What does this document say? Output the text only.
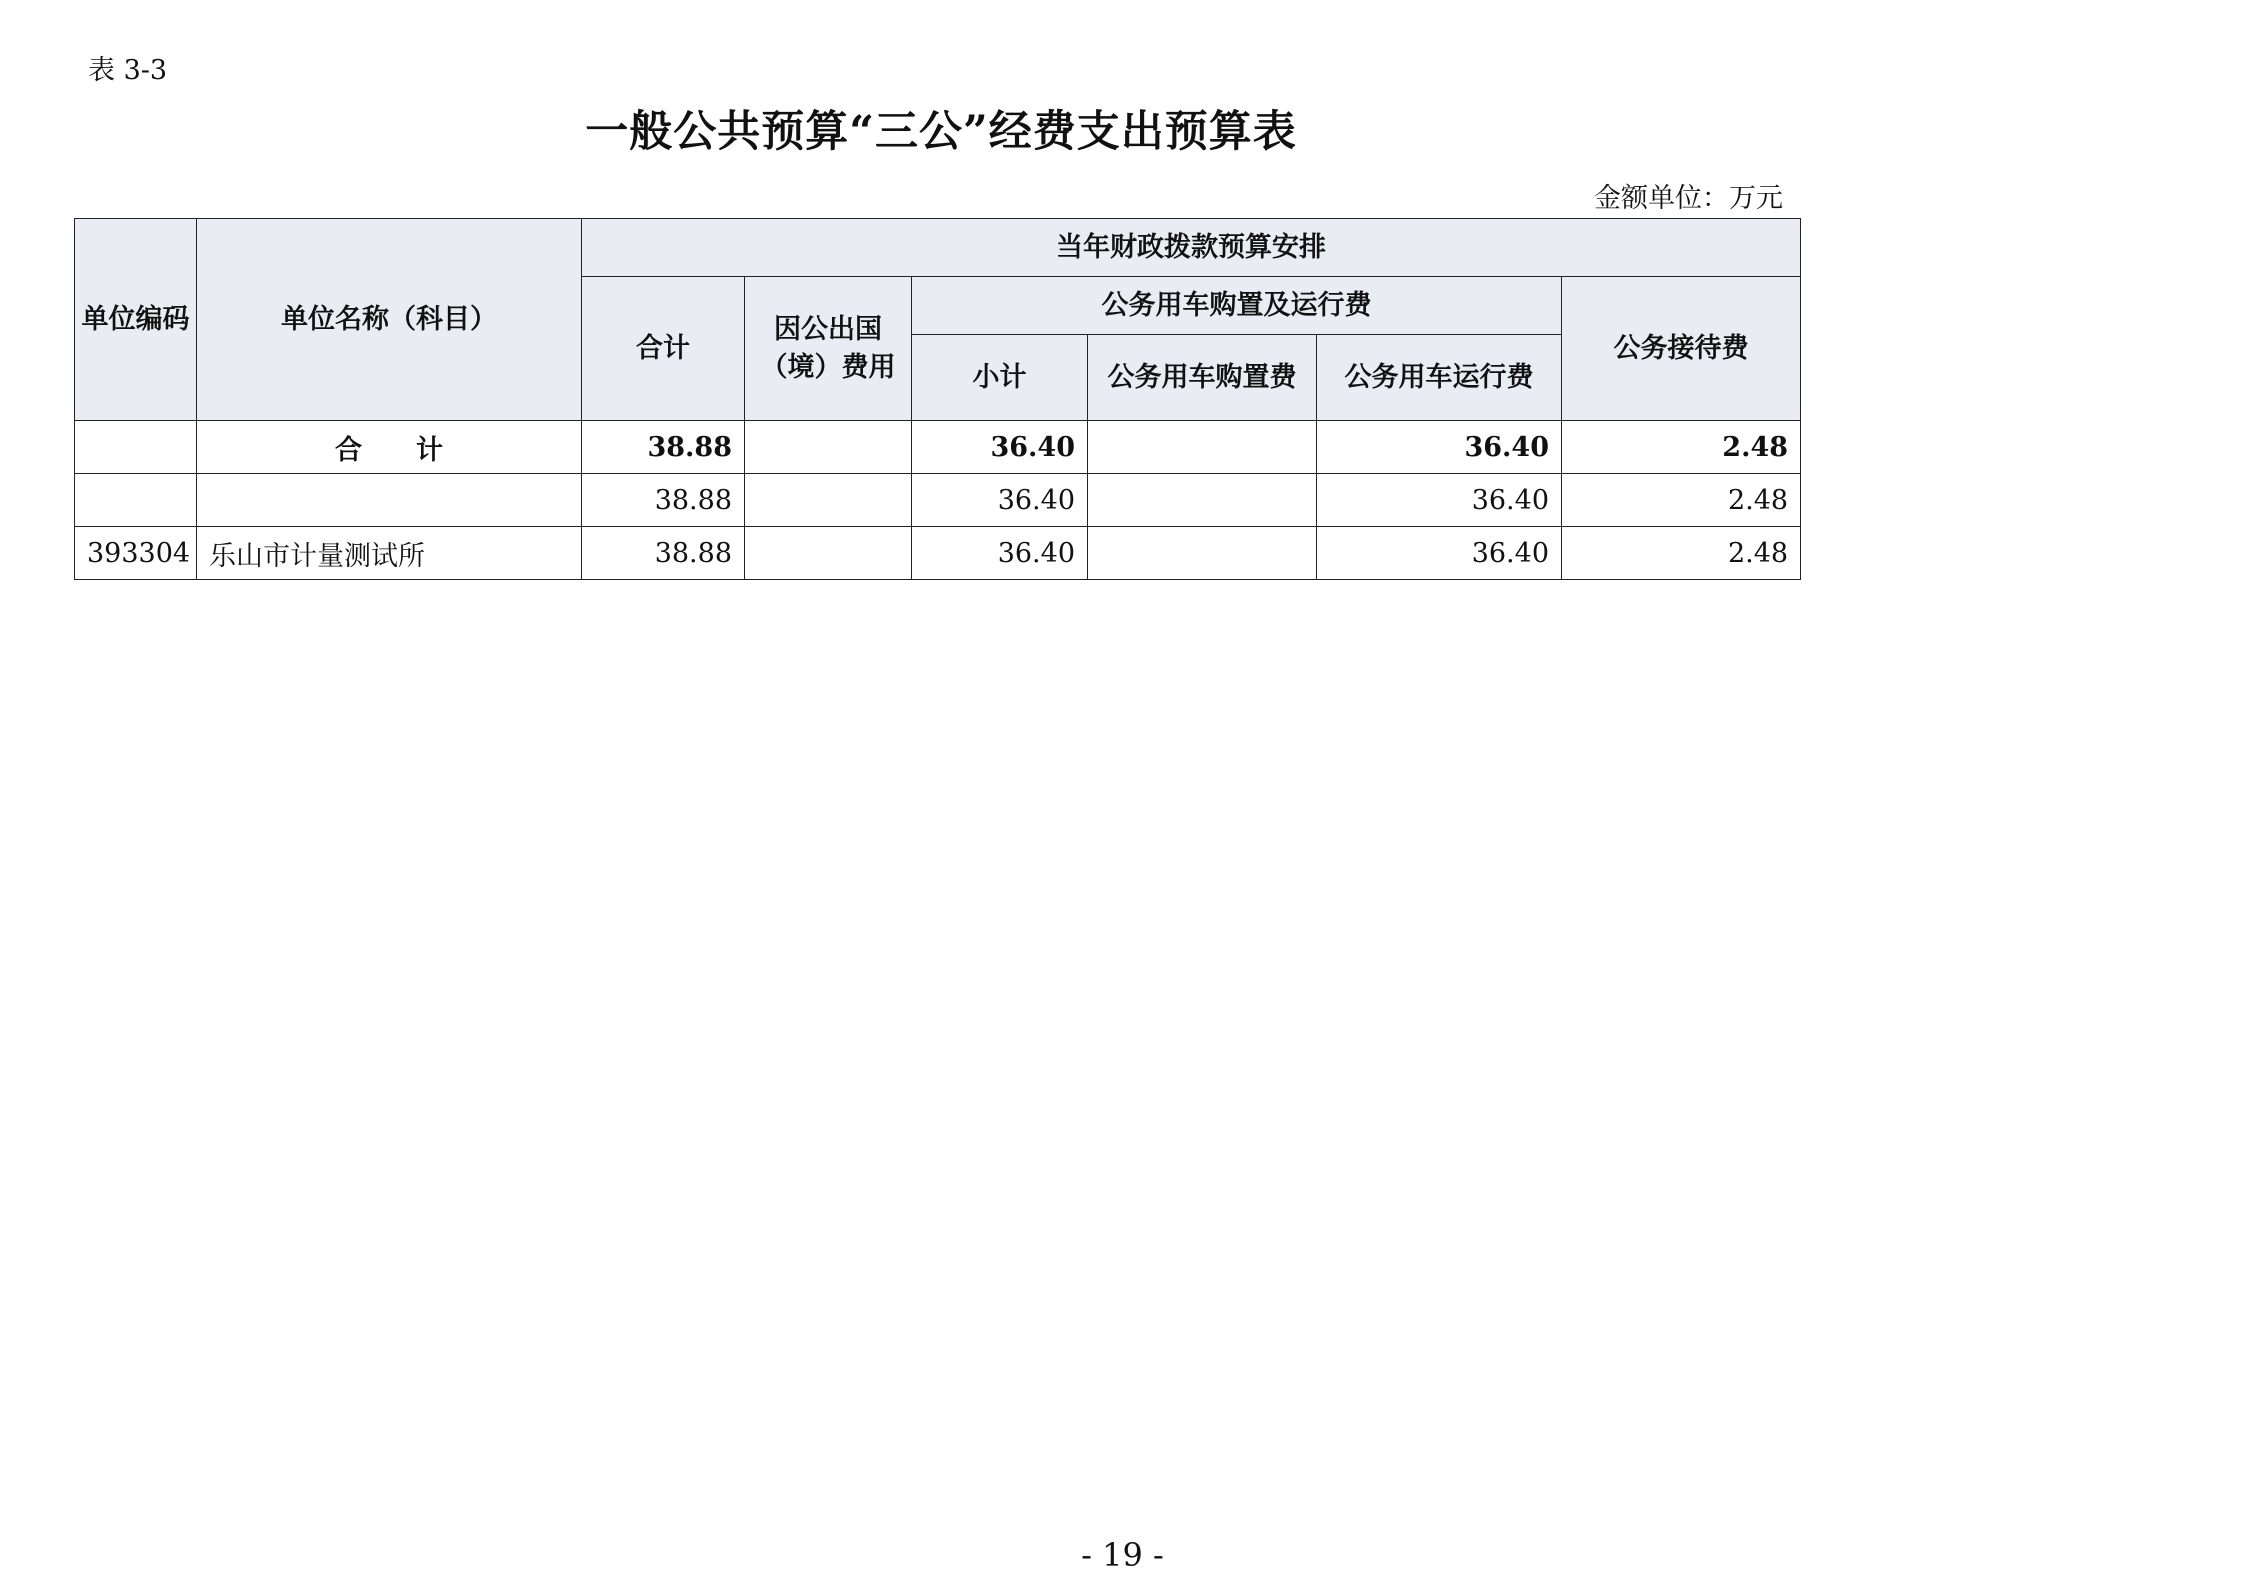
表 3-3
一般公共预算“三公”经费支出预算表
金额单位：万元
单位编码	单位名称（科目）	当年财政拨款预算安排					
		合计	因公出国（境）费用	公务用车购置及运行费			公务接待费
				小计	公务用车购置费	公务用车运行费	
	合　　计	38.88		36.40		36.40	2.48
		38.88		36.40		36.40	2.48
393304	乐山市计量测试所	38.88		36.40		36.40	2.48
- 19 -
